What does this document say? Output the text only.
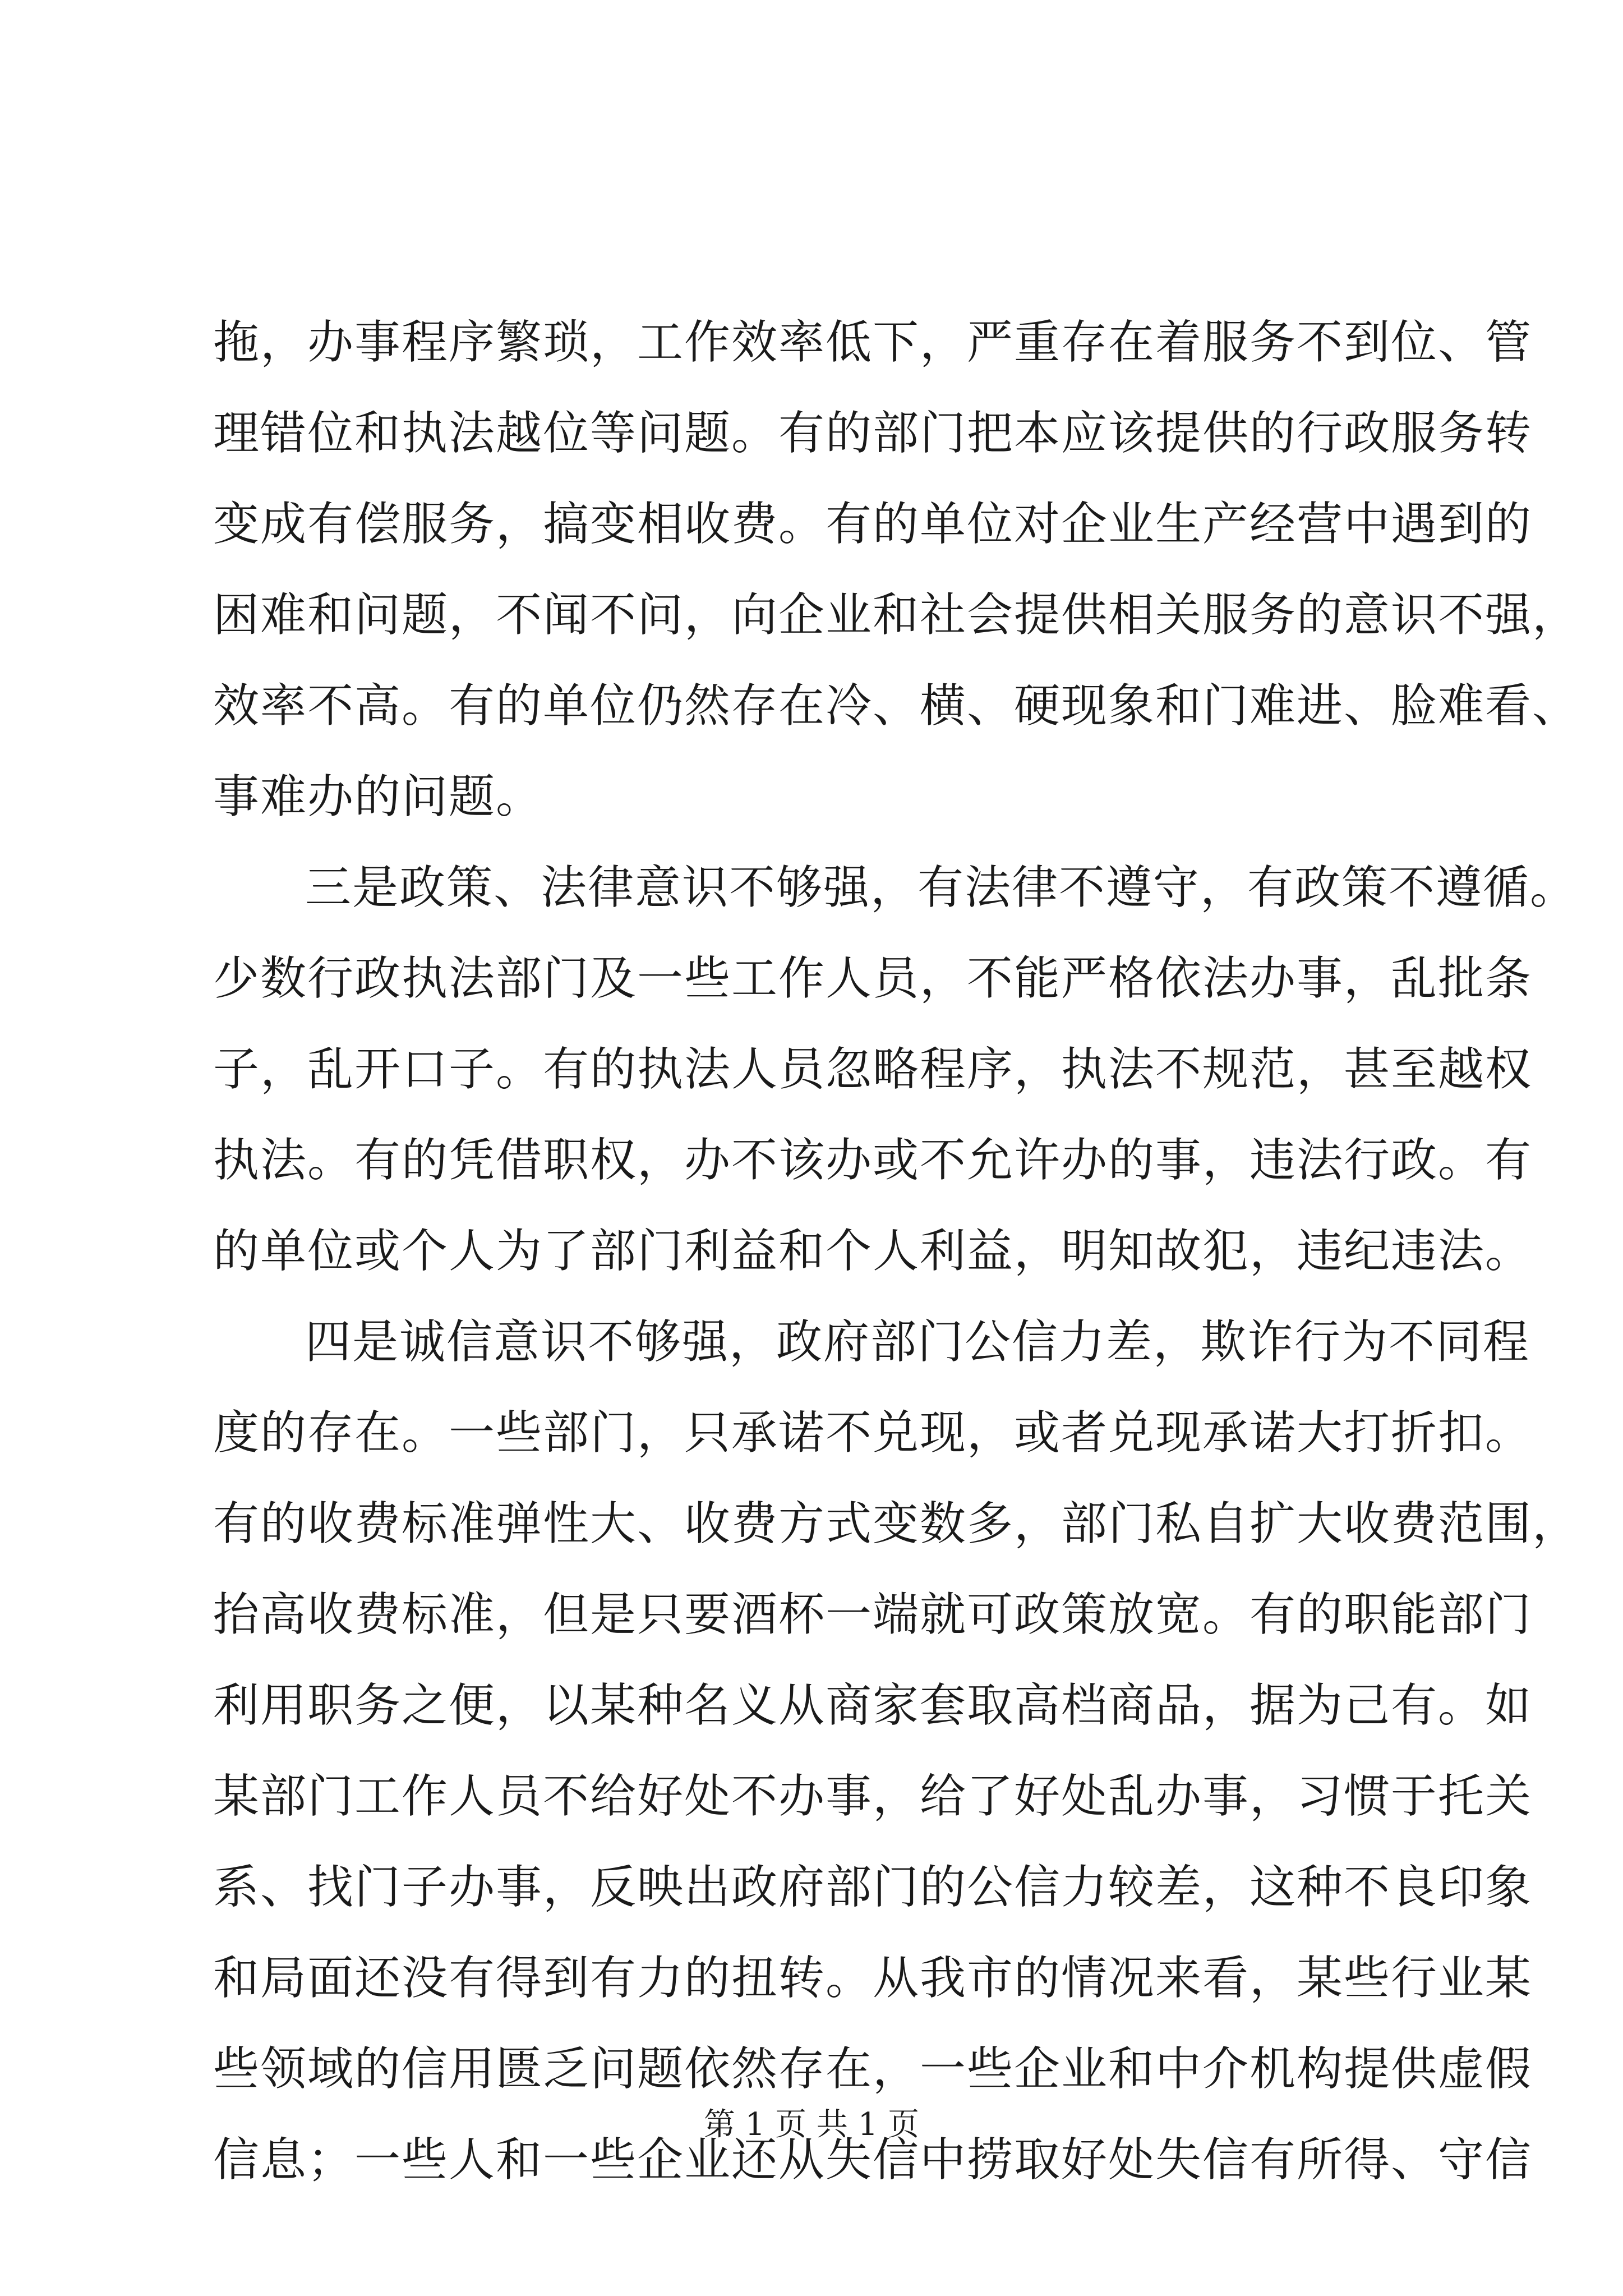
拖，办事程序繁琐，工作效率低下，严重存在着服务不到位、管
理错位和执法越位等问题。有的部门把本应该提供的行政服务转
变成有偿服务，搞变相收费。有的单位对企业生产经营中遇到的
困难和问题，不闻不问，向企业和社会提供相关服务的意识不强，
效率不高。有的单位仍然存在冷、横、硬现象和门难进、脸难看、
事难办的问题。
三是政策、法律意识不够强，有法律不遵守，有政策不遵循。
少数行政执法部门及一些工作人员，不能严格依法办事，乱批条
子，乱开口子。有的执法人员忽略程序，执法不规范，甚至越权
执法。有的凭借职权，办不该办或不允许办的事，违法行政。有
的单位或个人为了部门利益和个人利益，明知故犯，违纪违法。
四是诚信意识不够强，政府部门公信力差，欺诈行为不同程
度的存在。一些部门，只承诺不兑现，或者兑现承诺大打折扣。
有的收费标准弹性大、收费方式变数多，部门私自扩大收费范围，
抬高收费标准，但是只要酒杯一端就可政策放宽。有的职能部门
利用职务之便，以某种名义从商家套取高档商品，据为己有。如
某部门工作人员不给好处不办事，给了好处乱办事，习惯于托关
系、找门子办事，反映出政府部门的公信力较差，这种不良印象
和局面还没有得到有力的扭转。从我市的情况来看，某些行业某
些领域的信用匮乏问题依然存在，一些企业和中介机构提供虚假
信息；一些人和一些企业还从失信中捞取好处失信有所得、守信
第 1 页 共 1 页
